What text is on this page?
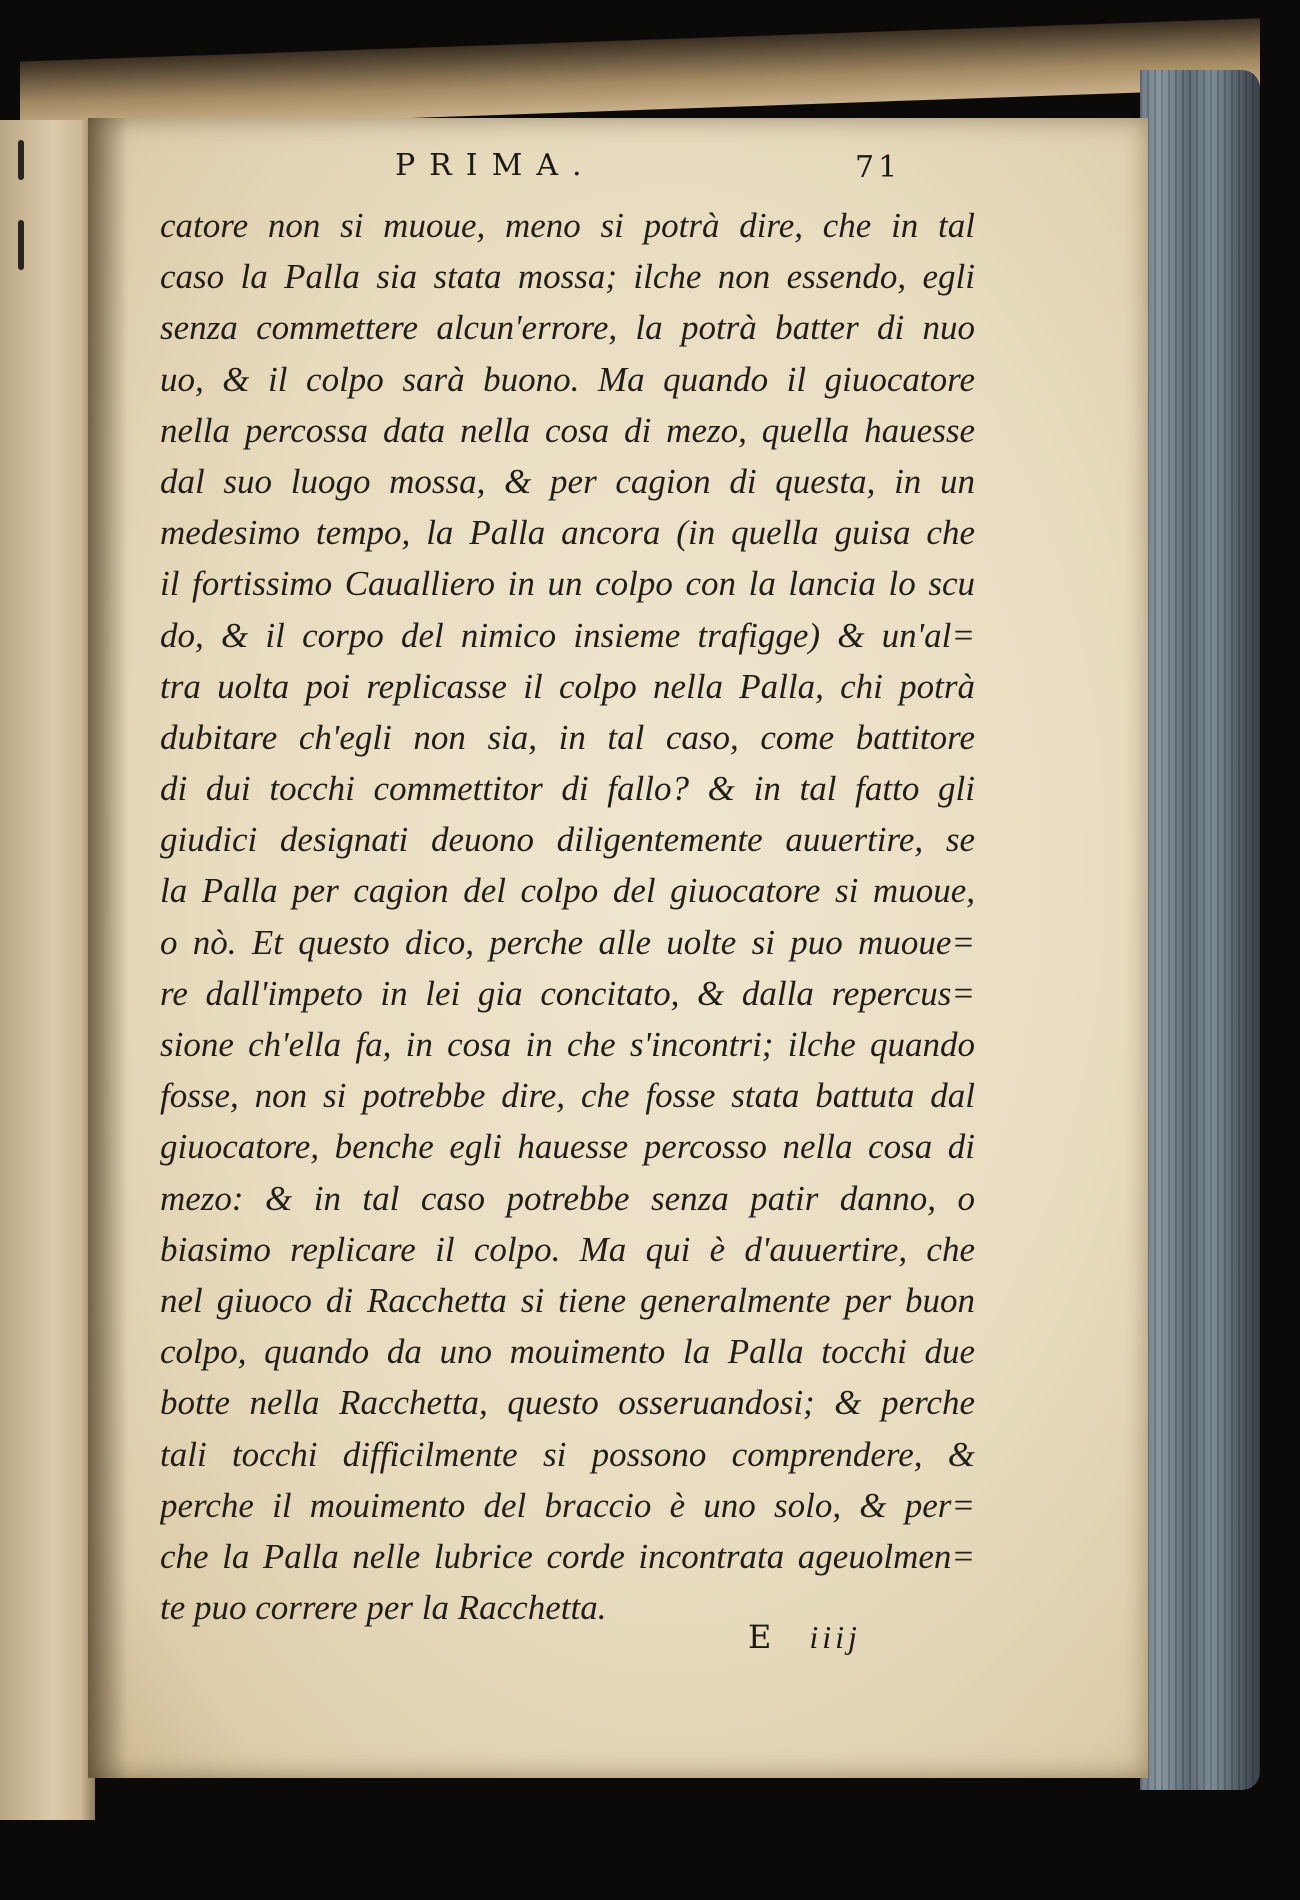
PRIMA.	71
catore non si muoue, meno si potrà dire, che in tal
caso la Palla sia stata mossa; ilche non essendo, egli
senza commettere alcun'errore, la potrà batter di nuo
uo, & il colpo sarà buono. Ma quando il giuocatore
nella percossa data nella cosa di mezo, quella hauesse
dal suo luogo mossa, & per cagion di questa, in un
medesimo tempo, la Palla ancora (in quella guisa che
il fortissimo Caualliero in un colpo con la lancia lo scu
do, & il corpo del nimico insieme trafigge) & un'al=
tra uolta poi replicasse il colpo nella Palla, chi potrà
dubitare ch'egli non sia, in tal caso, come battitore
di dui tocchi commettitor di fallo? & in tal fatto gli
giudici designati deuono diligentemente auuertire, se
la Palla per cagion del colpo del giuocatore si muoue,
o nò. Et questo dico, perche alle uolte si puo muoue=
re dall'impeto in lei gia concitato, & dalla repercus=
sione ch'ella fa, in cosa in che s'incontri; ilche quando
fosse, non si potrebbe dire, che fosse stata battuta dal
giuocatore, benche egli hauesse percosso nella cosa di
mezo: & in tal caso potrebbe senza patir danno, o
biasimo replicare il colpo. Ma qui è d'auuertire, che
nel giuoco di Racchetta si tiene generalmente per buon
colpo, quando da uno mouimento la Palla tocchi due
botte nella Racchetta, questo osseruandosi; & perche
tali tocchi difficilmente si possono comprendere, &
perche il mouimento del braccio è uno solo, & per=
che la Palla nelle lubrice corde incontrata ageuolmen=
te puo correre per la Racchetta.
E iiij
